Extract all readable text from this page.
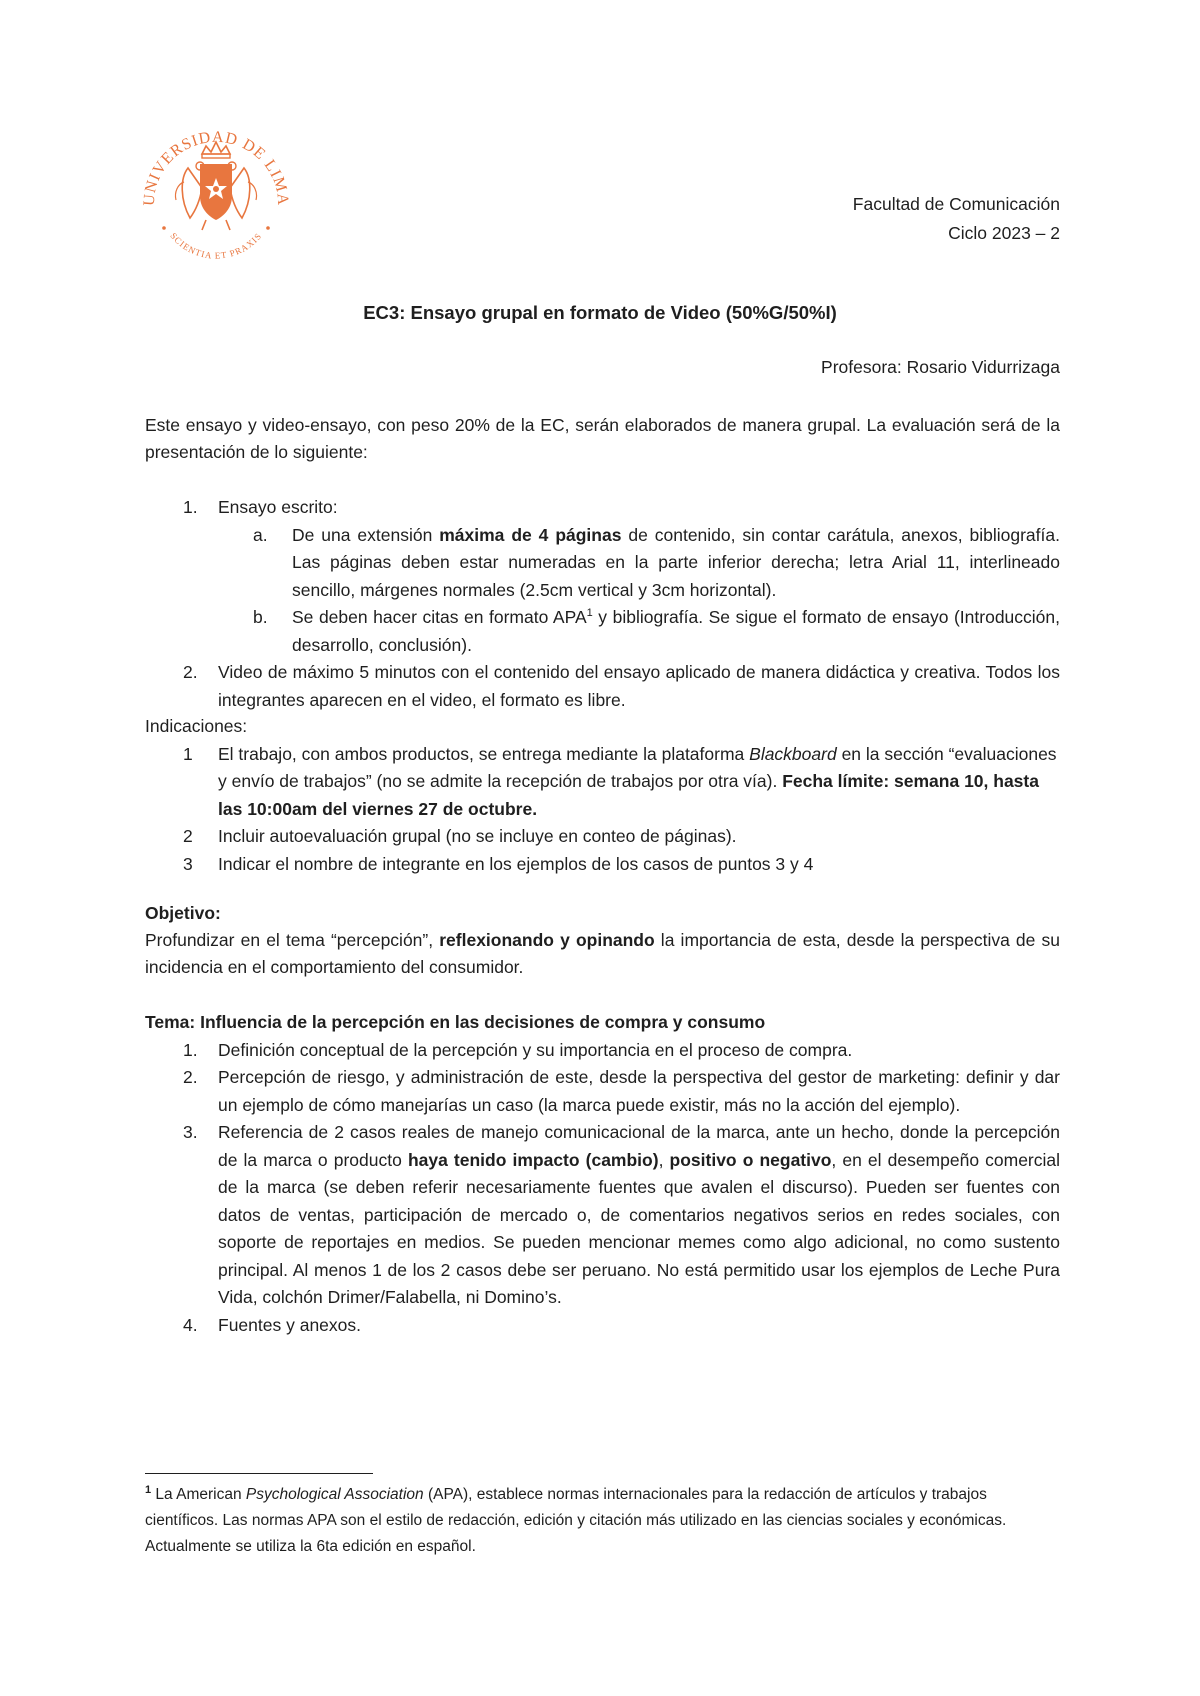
UNIVERSIDAD DE LIMA
SCIENTIA ET PRAXIS
Facultad de Comunicación
Ciclo 2023 – 2
EC3: Ensayo grupal en formato de Video (50%G/50%I)
Profesora: Rosario Vidurrizaga
Este ensayo y video-ensayo, con peso 20% de la EC, serán elaborados de manera grupal. La evaluación será de la presentación de lo siguiente:
1. Ensayo escrito:
a. De una extensión máxima de 4 páginas de contenido, sin contar carátula, anexos, bibliografía. Las páginas deben estar numeradas en la parte inferior derecha; letra Arial 11, interlineado sencillo, márgenes normales (2.5cm vertical y 3cm horizontal).
b. Se deben hacer citas en formato APA$^1$ y bibliografía. Se sigue el formato de ensayo (Introducción, desarrollo, conclusión).
2. Video de máximo 5 minutos con el contenido del ensayo aplicado de manera didáctica y creativa. Todos los integrantes aparecen en el video, el formato es libre.
Indicaciones:
1 El trabajo, con ambos productos, se entrega mediante la plataforma Blackboard en la sección “evaluaciones y envío de trabajos” (no se admite la recepción de trabajos por otra vía). Fecha límite: semana 10, hasta las 10:00am del viernes 27 de octubre.
2 Incluir autoevaluación grupal (no se incluye en conteo de páginas).
3 Indicar el nombre de integrante en los ejemplos de los casos de puntos 3 y 4
Objetivo:
Profundizar en el tema “percepción”, reflexionando y opinando la importancia de esta, desde la perspectiva de su incidencia en el comportamiento del consumidor.
Tema: Influencia de la percepción en las decisiones de compra y consumo
1. Definición conceptual de la percepción y su importancia en el proceso de compra.
2. Percepción de riesgo, y administración de este, desde la perspectiva del gestor de marketing: definir y dar un ejemplo de cómo manejarías un caso (la marca puede existir, más no la acción del ejemplo).
3. Referencia de 2 casos reales de manejo comunicacional de la marca, ante un hecho, donde la percepción de la marca o producto haya tenido impacto (cambio), positivo o negativo, en el desempeño comercial de la marca (se deben referir necesariamente fuentes que avalen el discurso). Pueden ser fuentes con datos de ventas, participación de mercado o, de comentarios negativos serios en redes sociales, con soporte de reportajes en medios. Se pueden mencionar memes como algo adicional, no como sustento principal. Al menos 1 de los 2 casos debe ser peruano. No está permitido usar los ejemplos de Leche Pura Vida, colchón Drimer/Falabella, ni Domino’s.
4. Fuentes y anexos.
$^1$ La American Psychological Association (APA), establece normas internacionales para la redacción de artículos y trabajos científicos. Las normas APA son el estilo de redacción, edición y citación más utilizado en las ciencias sociales y económicas. Actualmente se utiliza la 6ta edición en español.
